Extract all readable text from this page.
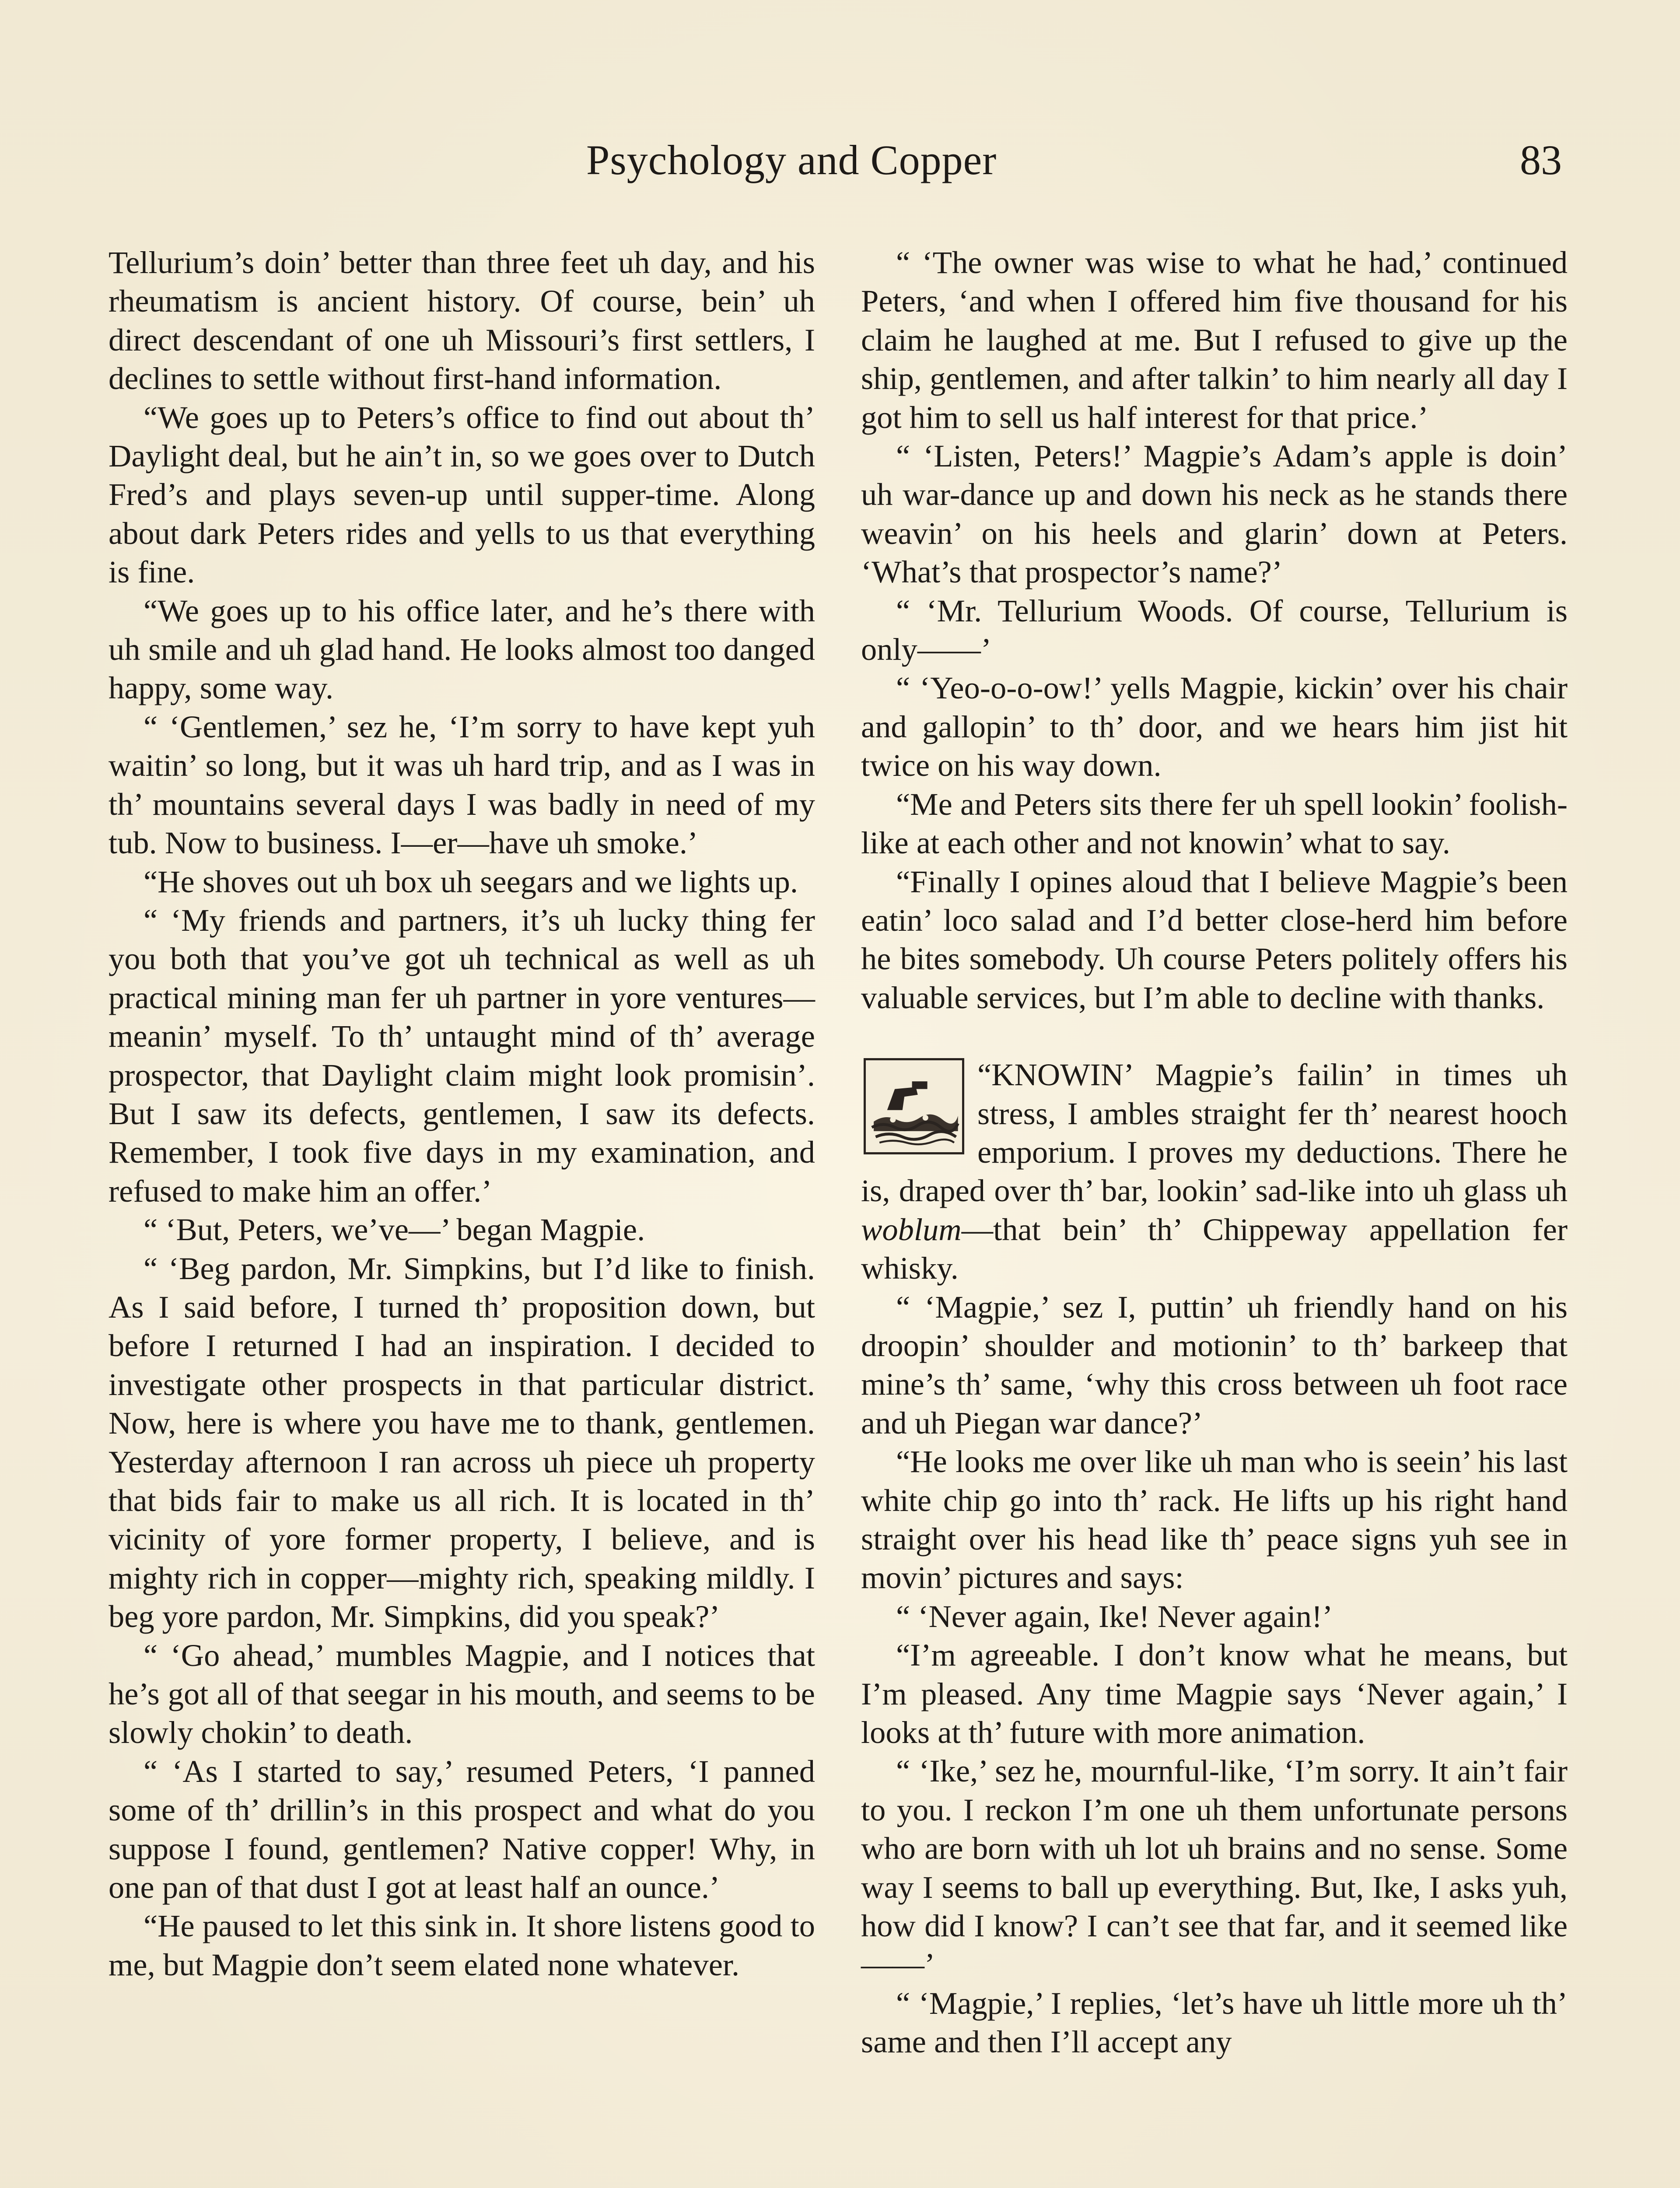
Psychology and Copper	83

Tellurium’s doin’ better than three feet uh day, and his rheumatism is ancient history. Of course, bein’ uh direct descendant of one uh Missouri’s first settlers, I declines to settle without first-hand information.

“We goes up to Peters’s office to find out about th’ Daylight deal, but he ain’t in, so we goes over to Dutch Fred’s and plays seven-up until supper-time. Along about dark Peters rides and yells to us that everything is fine.

“We goes up to his office later, and he’s there with uh smile and uh glad hand. He looks almost too danged happy, some way.

“ ‘Gentlemen,’ sez he, ‘I’m sorry to have kept yuh waitin’ so long, but it was uh hard trip, and as I was in th’ mountains several days I was badly in need of my tub. Now to business. I—er—have uh smoke.’

“He shoves out uh box uh seegars and we lights up.

“ ‘My friends and partners, it’s uh lucky thing fer you both that you’ve got uh technical as well as uh practical mining man fer uh partner in yore ventures—meanin’ myself. To th’ untaught mind of th’ average prospector, that Daylight claim might look promisin’. But I saw its defects, gentlemen, I saw its defects. Remember, I took five days in my examination, and refused to make him an offer.’

“ ‘But, Peters, we’ve—’ began Magpie.

“ ‘Beg pardon, Mr. Simpkins, but I’d like to finish. As I said before, I turned th’ proposition down, but before I returned I had an inspiration. I decided to investigate other prospects in that particular district. Now, here is where you have me to thank, gentlemen. Yesterday afternoon I ran across uh piece uh property that bids fair to make us all rich. It is located in th’ vicinity of yore former property, I believe, and is mighty rich in copper—mighty rich, speaking mildly. I beg yore pardon, Mr. Simpkins, did you speak?’

“ ‘Go ahead,’ mumbles Magpie, and I notices that he’s got all of that seegar in his mouth, and seems to be slowly chokin’ to death.

“ ‘As I started to say,’ resumed Peters, ‘I panned some of th’ drillin’s in this prospect and what do you suppose I found, gentlemen? Native copper! Why, in one pan of that dust I got at least half an ounce.’

“He paused to let this sink in. It shore listens good to me, but Magpie don’t seem elated none whatever.

“ ‘The owner was wise to what he had,’ continued Peters, ‘and when I offered him five thousand for his claim he laughed at me. But I refused to give up the ship, gentlemen, and after talkin’ to him nearly all day I got him to sell us half interest for that price.’

“ ‘Listen, Peters!’ Magpie’s Adam’s apple is doin’ uh war-dance up and down his neck as he stands there weavin’ on his heels and glarin’ down at Peters. ‘What’s that prospector’s name?’

“ ‘Mr. Tellurium Woods. Of course, Tellurium is only——’

“ ‘Yeo-o-o-ow!’ yells Magpie, kickin’ over his chair and gallopin’ to th’ door, and we hears him jist hit twice on his way down.

“Me and Peters sits there fer uh spell lookin’ foolish-like at each other and not knowin’ what to say.

“Finally I opines aloud that I believe Magpie’s been eatin’ loco salad and I’d better close-herd him before he bites somebody. Uh course Peters politely offers his valuable services, but I’m able to decline with thanks.

“KNOWIN’ Magpie’s failin’ in times uh stress, I ambles straight fer th’ nearest hooch emporium. I proves my deductions. There he is, draped over th’ bar, lookin’ sad-like into uh glass uh woblum—that bein’ th’ Chippeway appellation fer whisky.

“ ‘Magpie,’ sez I, puttin’ uh friendly hand on his droopin’ shoulder and motionin’ to th’ barkeep that mine’s th’ same, ‘why this cross between uh foot race and uh Piegan war dance?’

“He looks me over like uh man who is seein’ his last white chip go into th’ rack. He lifts up his right hand straight over his head like th’ peace signs yuh see in movin’ pictures and says:

“ ‘Never again, Ike! Never again!’

“I’m agreeable. I don’t know what he means, but I’m pleased. Any time Magpie says ‘Never again,’ I looks at th’ future with more animation.

“ ‘Ike,’ sez he, mournful-like, ‘I’m sorry. It ain’t fair to you. I reckon I’m one uh them unfortunate persons who are born with uh lot uh brains and no sense. Some way I seems to ball up everything. But, Ike, I asks yuh, how did I know? I can’t see that far, and it seemed like——’

“ ‘Magpie,’ I replies, ‘let’s have uh little more uh th’ same and then I’ll accept any
